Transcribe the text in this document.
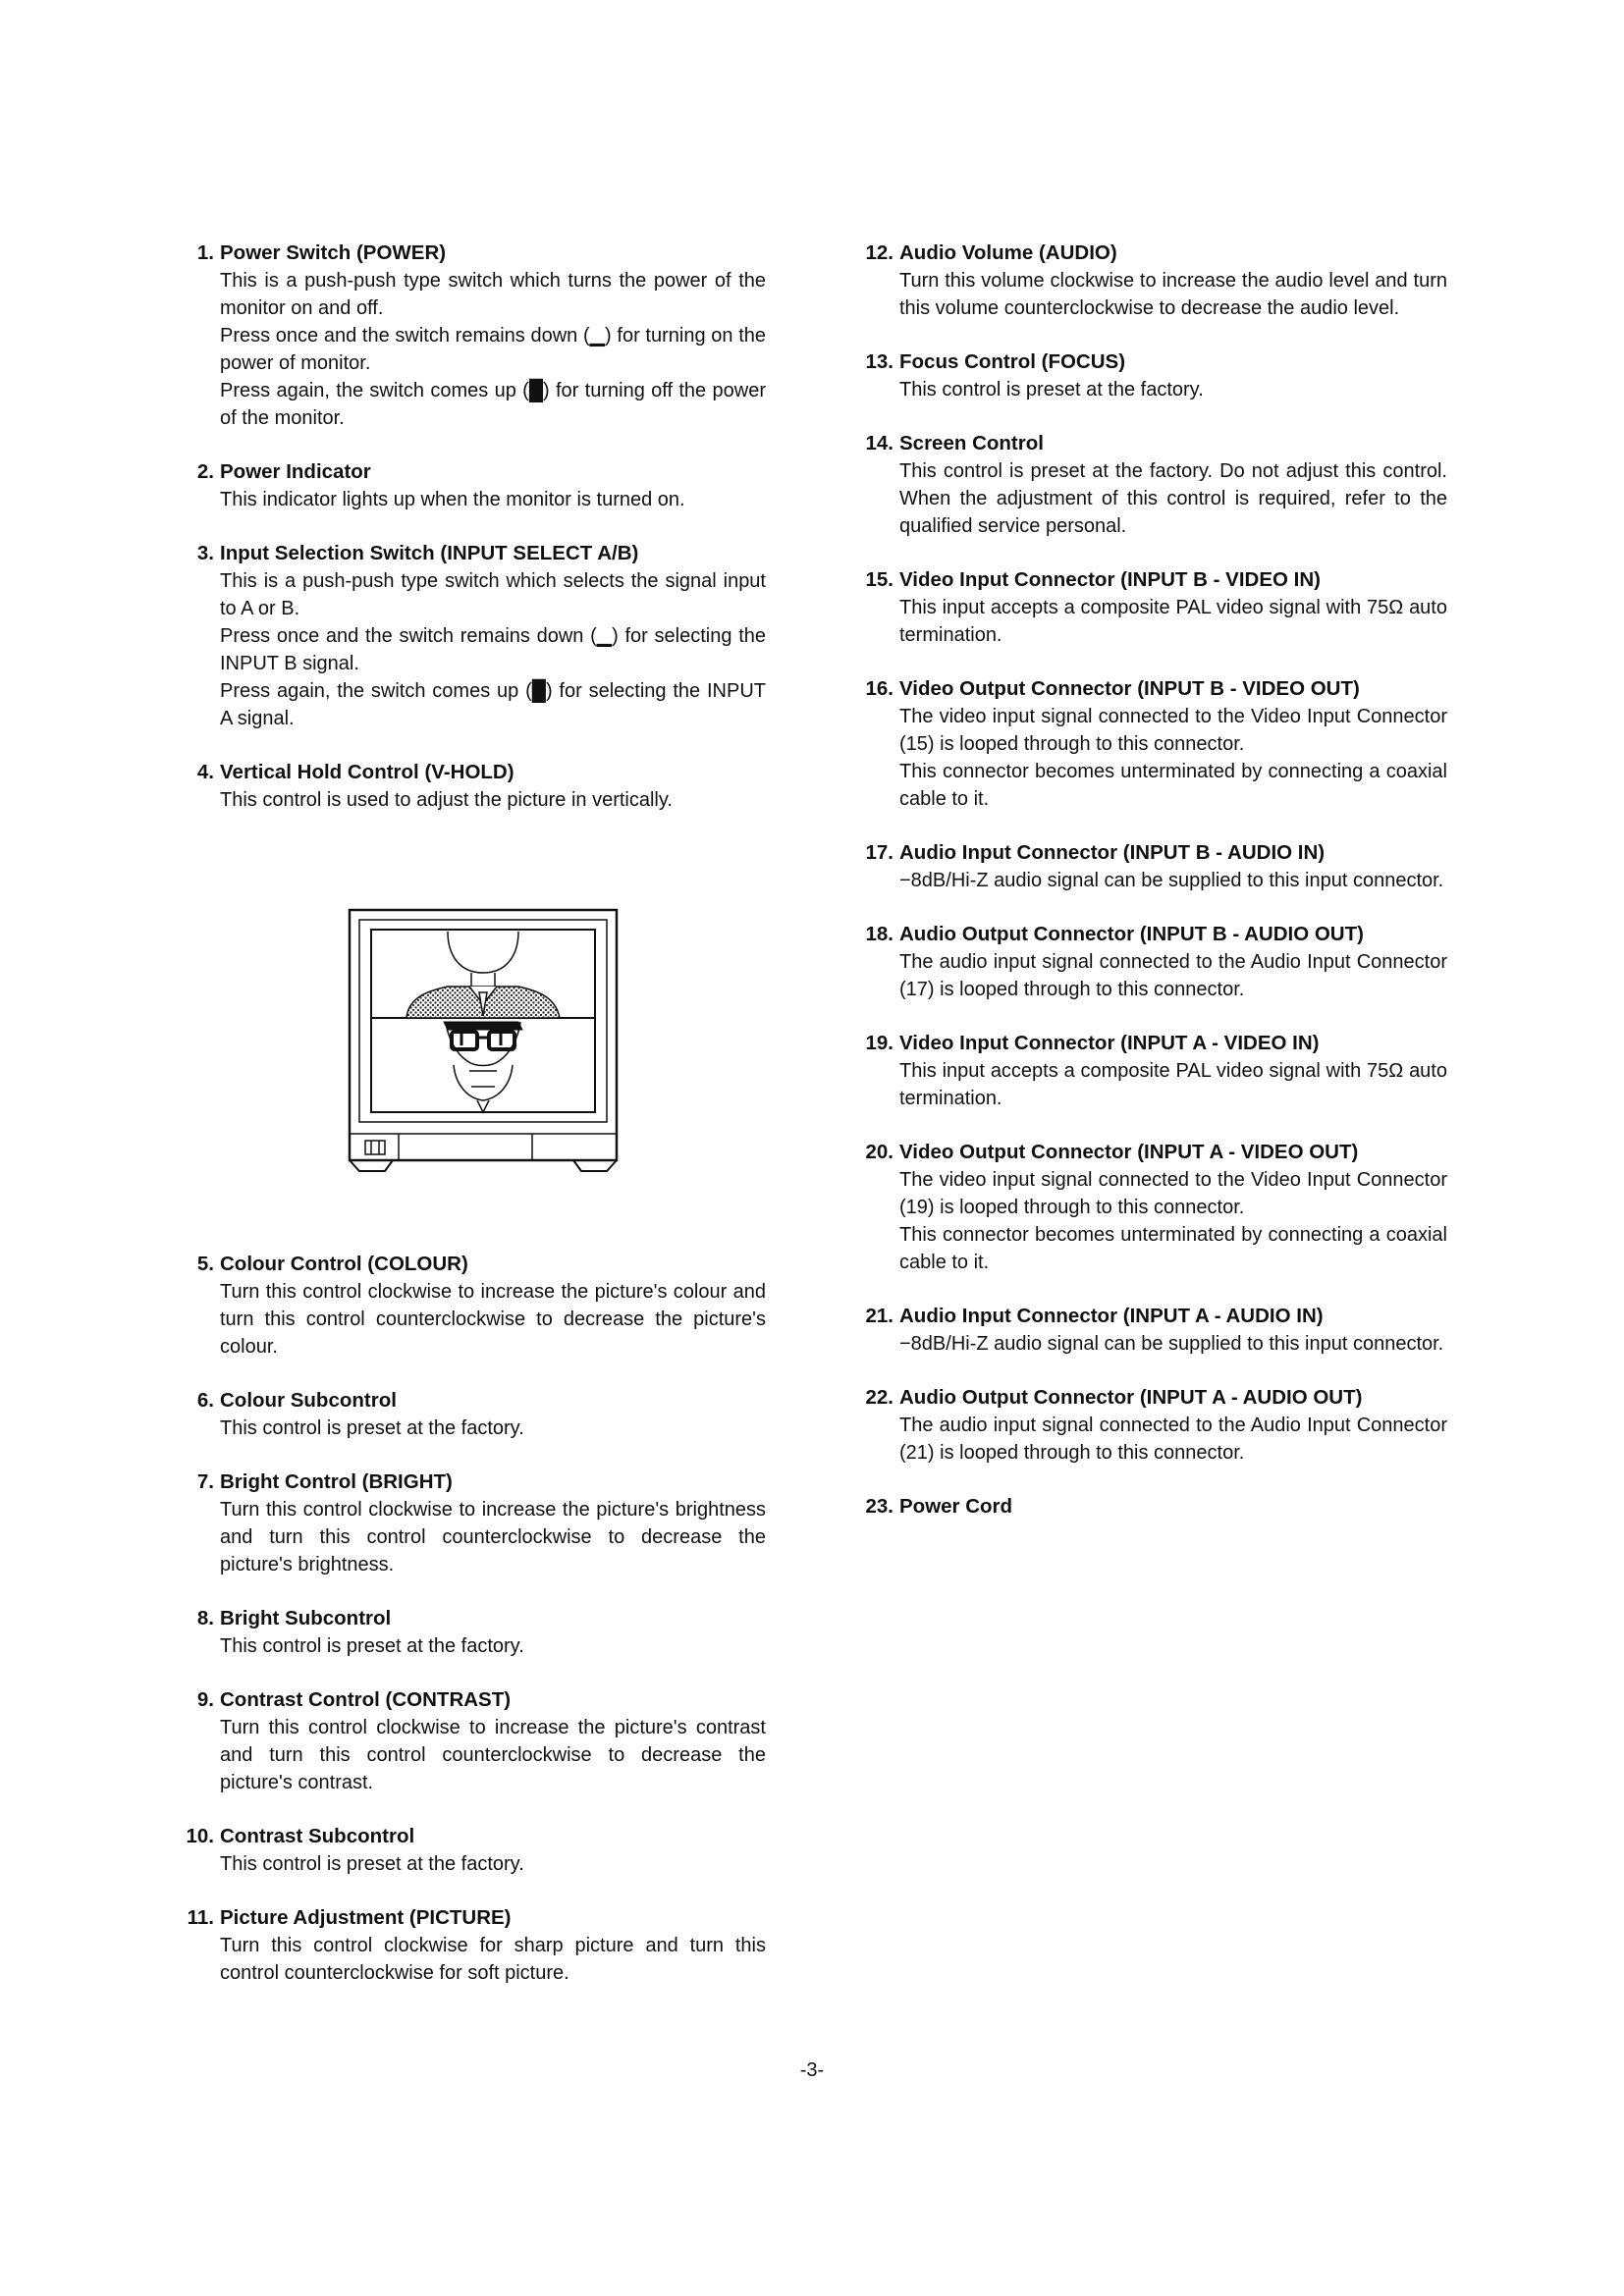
1. Power Switch (POWER)

This is a push-push type switch which turns the power of the monitor on and off.

Press once and the switch remains down (▁) for turning on the power of monitor.

Press again, the switch comes up (█) for turning off the power of the monitor.

2. Power Indicator

This indicator lights up when the monitor is turned on.

3. Input Selection Switch (INPUT SELECT A/B)

This is a push-push type switch which selects the signal input to A or B.

Press once and the switch remains down (▁) for selecting the INPUT B signal.

Press again, the switch comes up (█) for selecting the INPUT A signal.

4. Vertical Hold Control (V-HOLD)

This control is used to adjust the picture in vertically.

5. Colour Control (COLOUR)

Turn this control clockwise to increase the picture's colour and turn this control counterclockwise to decrease the picture's colour.

6. Colour Subcontrol

This control is preset at the factory.

7. Bright Control (BRIGHT)

Turn this control clockwise to increase the picture's brightness and turn this control counterclockwise to decrease the picture's brightness.

8. Bright Subcontrol

This control is preset at the factory.

9. Contrast Control (CONTRAST)

Turn this control clockwise to increase the picture's contrast and turn this control counterclockwise to decrease the picture's contrast.

10. Contrast Subcontrol

This control is preset at the factory.

11. Picture Adjustment (PICTURE)

Turn this control clockwise for sharp picture and turn this control counterclockwise for soft picture.

12. Audio Volume (AUDIO)

Turn this volume clockwise to increase the audio level and turn this volume counterclockwise to decrease the audio level.

13. Focus Control (FOCUS)

This control is preset at the factory.

14. Screen Control

This control is preset at the factory. Do not adjust this control. When the adjustment of this control is required, refer to the qualified service personal.

15. Video Input Connector (INPUT B - VIDEO IN)

This input accepts a composite PAL video signal with 75Ω auto termination.

16. Video Output Connector (INPUT B - VIDEO OUT)

The video input signal connected to the Video Input Connector (15) is looped through to this connector.

This connector becomes unterminated by connecting a coaxial cable to it.

17. Audio Input Connector (INPUT B - AUDIO IN)

−8dB/Hi-Z audio signal can be supplied to this input connector.

18. Audio Output Connector (INPUT B - AUDIO OUT)

The audio input signal connected to the Audio Input Connector (17) is looped through to this connector.

19. Video Input Connector (INPUT A - VIDEO IN)

This input accepts a composite PAL video signal with 75Ω auto termination.

20. Video Output Connector (INPUT A - VIDEO OUT)

The video input signal connected to the Video Input Connector (19) is looped through to this connector.

This connector becomes unterminated by connecting a coaxial cable to it.

21. Audio Input Connector (INPUT A - AUDIO IN)

−8dB/Hi-Z audio signal can be supplied to this input connector.

22. Audio Output Connector (INPUT A - AUDIO OUT)

The audio input signal connected to the Audio Input Connector (21) is looped through to this connector.

23. Power Cord
-3-
